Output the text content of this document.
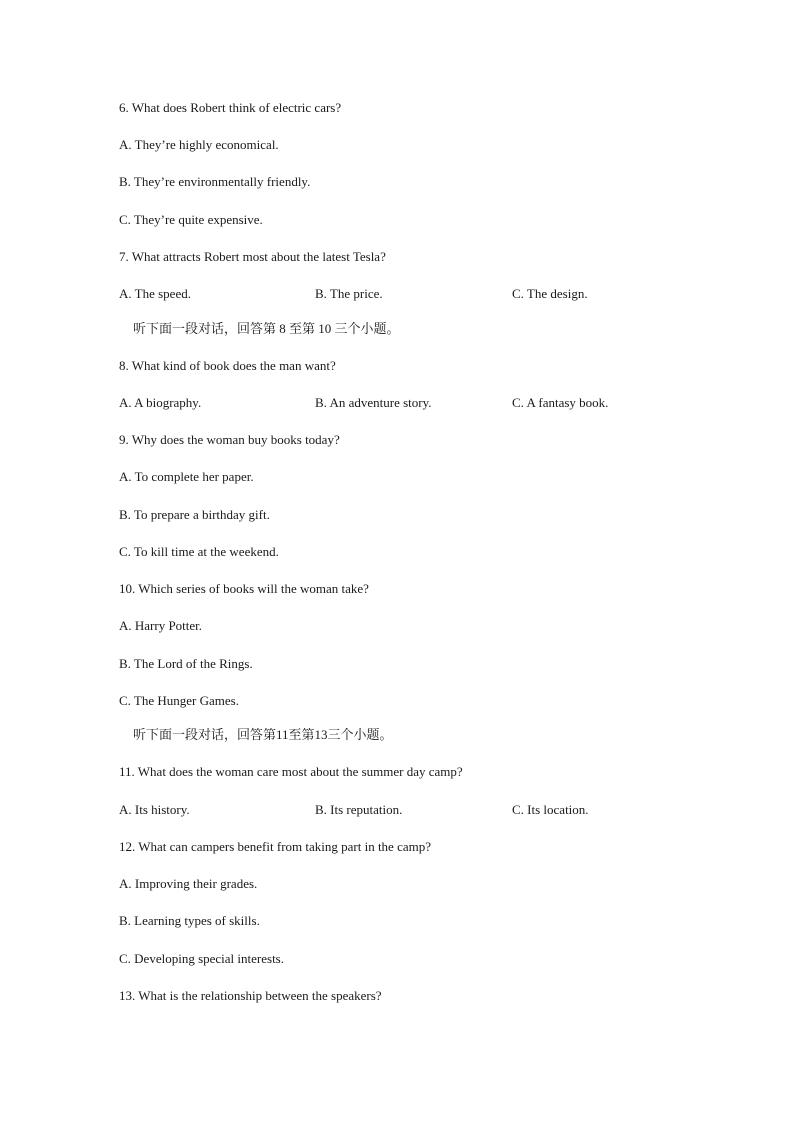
6. What does Robert think of electric cars?
A. They’re highly economical.
B. They’re environmentally friendly.
C. They’re quite expensive.
7. What attracts Robert most about the latest Tesla?
A. The speed.	B. The price.	C. The design.
听下面一段对话，回答第 8 至第 10 三个小题。
8. What kind of book does the man want?
A. A biography.	B. An adventure story.	C. A fantasy book.
9. Why does the woman buy books today?
A. To complete her paper.
B. To prepare a birthday gift.
C. To kill time at the weekend.
10. Which series of books will the woman take?
A. Harry Potter.
B. The Lord of the Rings.
C. The Hunger Games.
听下面一段对话，回答第11至第13三个小题。
11. What does the woman care most about the summer day camp?
A. Its history.	B. Its reputation.	C. Its location.
12. What can campers benefit from taking part in the camp?
A. Improving their grades.
B. Learning types of skills.
C. Developing special interests.
13. What is the relationship between the speakers?
